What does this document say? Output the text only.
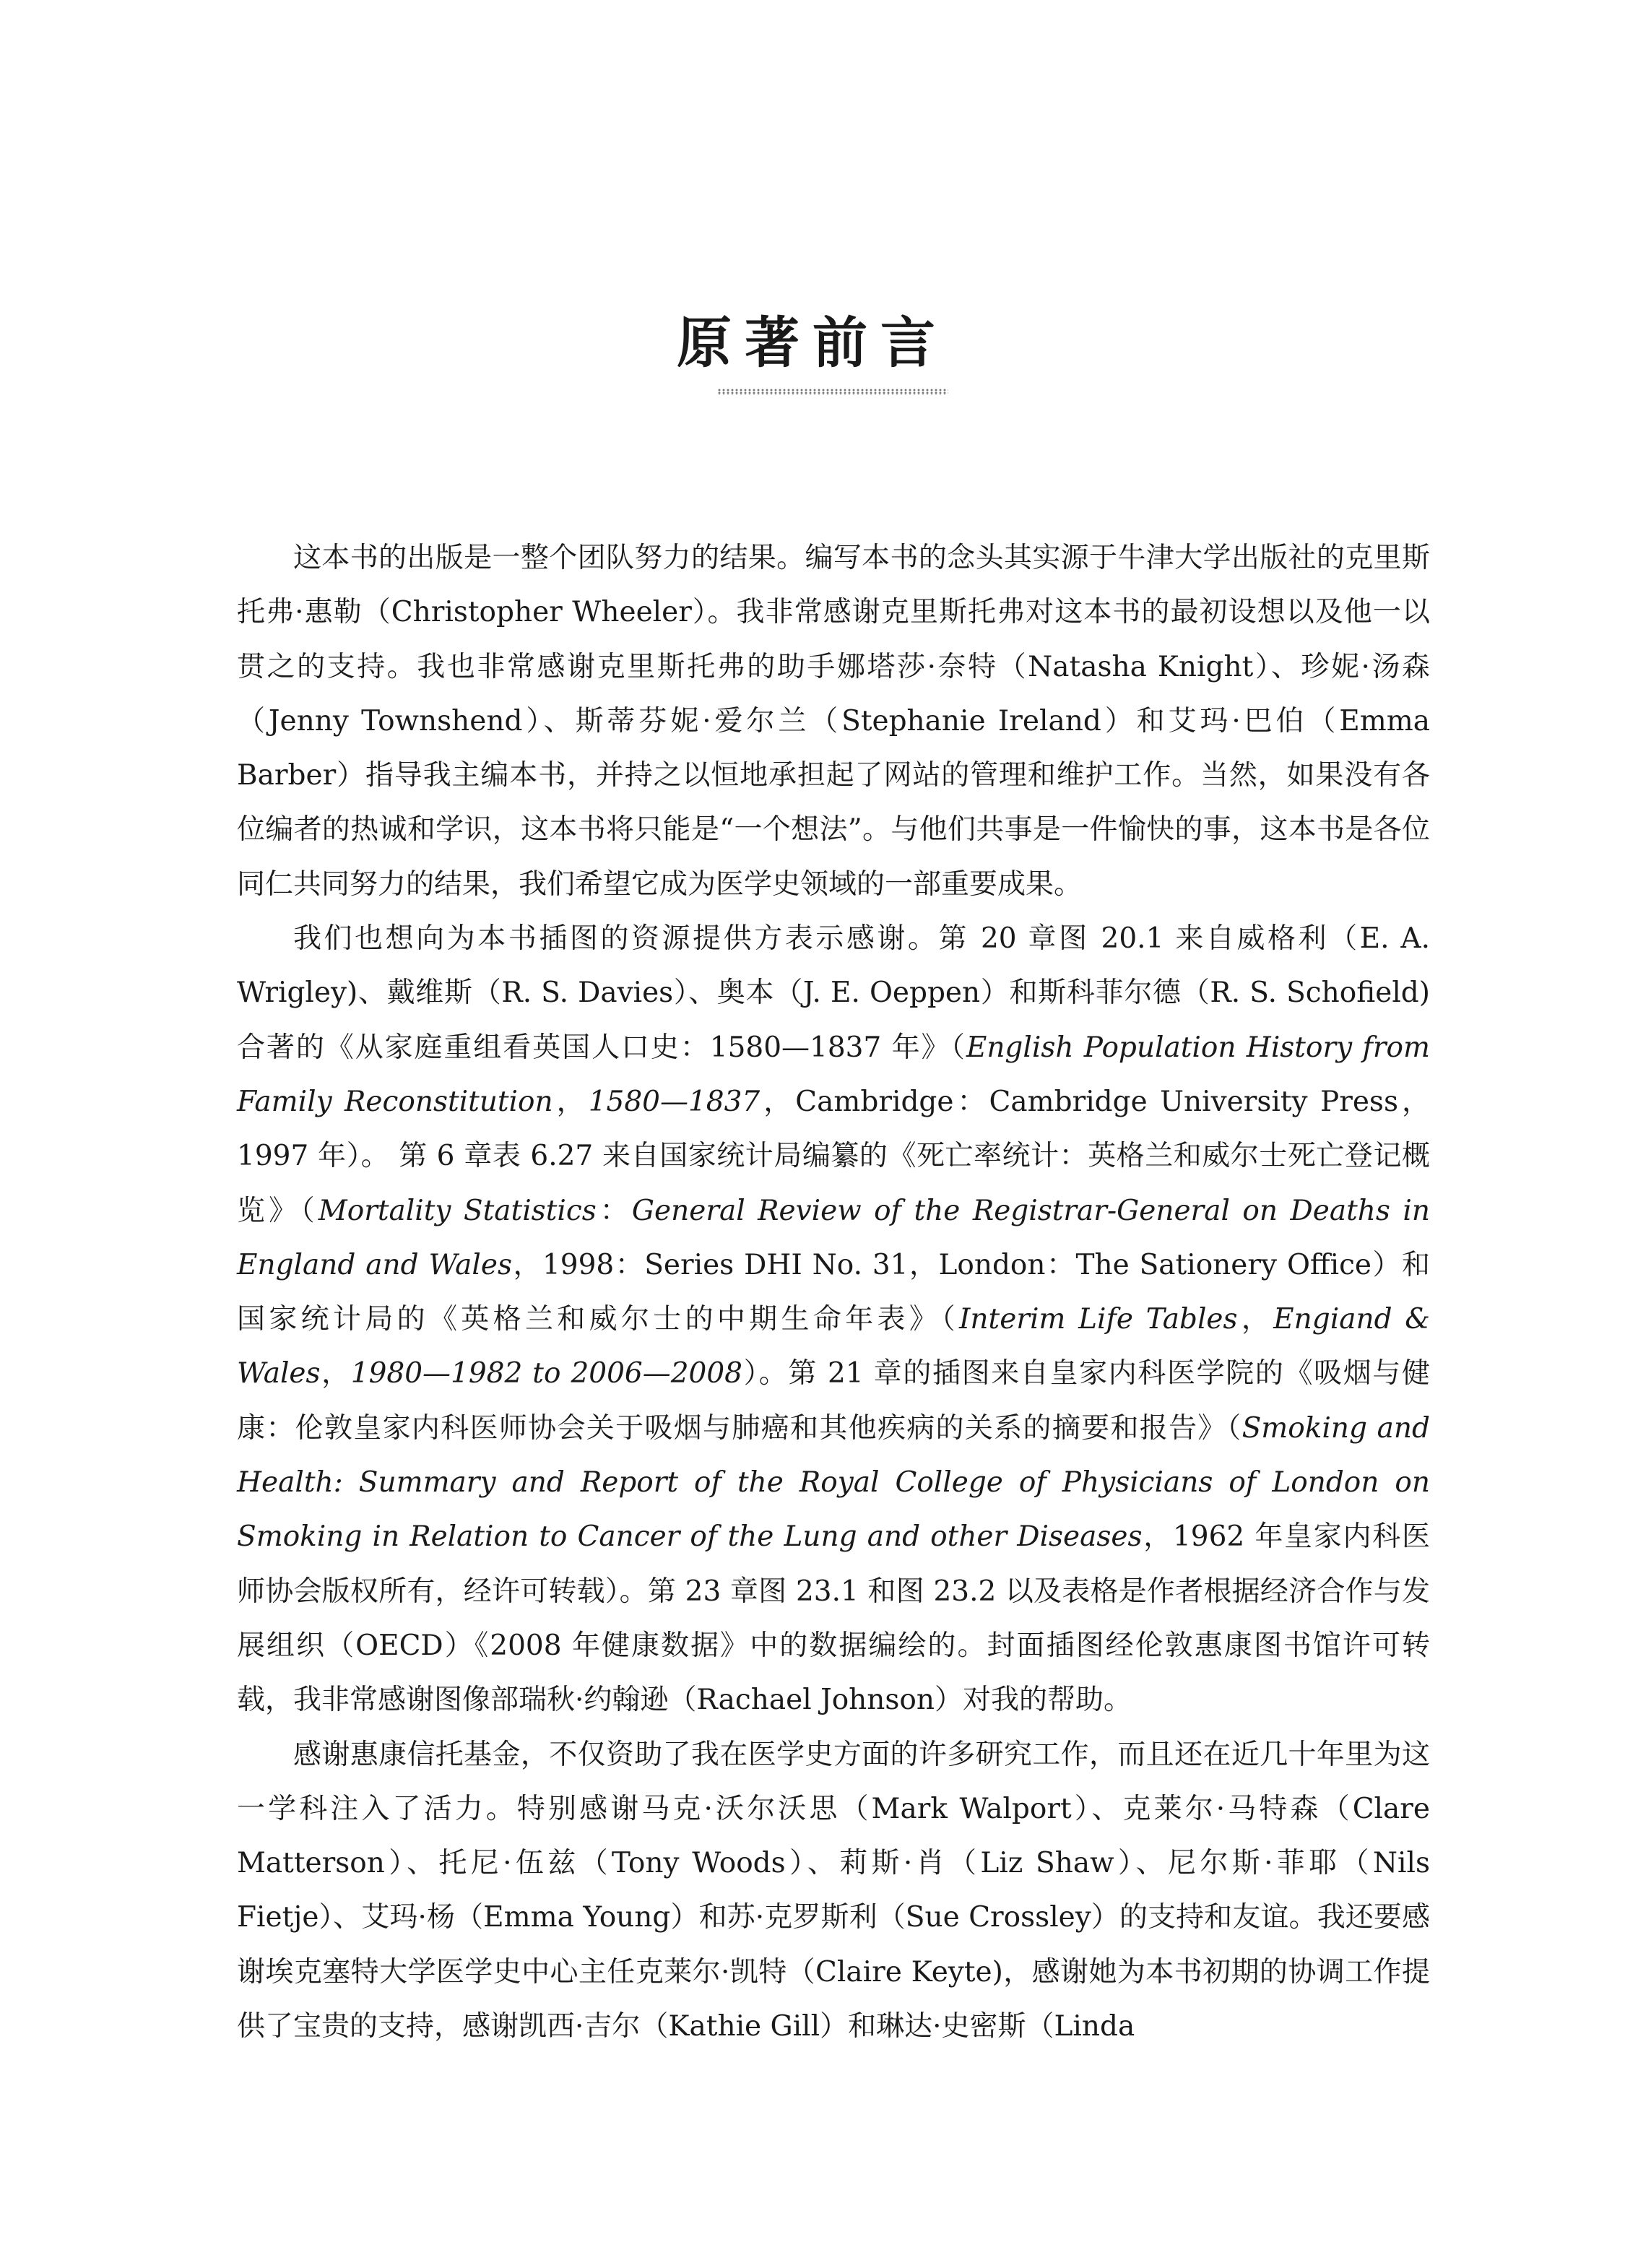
原著前言

这本书的出版是一整个团队努力的结果。编写本书的念头其实源于牛津大学出版社的克里斯托弗·惠勒（Christopher Wheeler）。我非常感谢克里斯托弗对这本书的最初设想以及他一以贯之的支持。我也非常感谢克里斯托弗的助手娜塔莎·奈特（Natasha Knight）、珍妮·汤森（Jenny Townshend）、斯蒂芬妮·爱尔兰（Stephanie Ireland）和艾玛·巴伯（Emma Barber）指导我主编本书，并持之以恒地承担起了网站的管理和维护工作。当然，如果没有各位编者的热诚和学识，这本书将只能是“一个想法”。与他们共事是一件愉快的事，这本书是各位同仁共同努力的结果，我们希望它成为医学史领域的一部重要成果。

我们也想向为本书插图的资源提供方表示感谢。第 20 章图 20.1 来自威格利（E. A. Wrigley)、戴维斯（R. S. Davies）、奥本（J. E. Oeppen）和斯科菲尔德（R. S. Schofield) 合著的《从家庭重组看英国人口史：1580—1837 年》（English Population History from Family Reconstitution，1580—1837，Cambridge：Cambridge University Press，1997 年）。 第 6 章表 6.27 来自国家统计局编纂的《死亡率统计：英格兰和威尔士死亡登记概览》（Mortality Statistics：General Review of the Registrar-General on Deaths in England and Wales，1998：Series DHI No. 31，London：The Sationery Office）和国家统计局的《英格兰和威尔士的中期生命年表》（Interim Life Tables，Engiand & Wales，1980—1982 to 2006—2008）。第 21 章的插图来自皇家内科医学院的《吸烟与健康：伦敦皇家内科医师协会关于吸烟与肺癌和其他疾病的关系的摘要和报告》（Smoking and Health: Summary and Report of the Royal College of Physicians of London on Smoking in Relation to Cancer of the Lung and other Diseases，1962 年皇家内科医师协会版权所有，经许可转载）。第 23 章图 23.1 和图 23.2 以及表格是作者根据经济合作与发展组织（OECD）《2008 年健康数据》中的数据编绘的。封面插图经伦敦惠康图书馆许可转载，我非常感谢图像部瑞秋·约翰逊（Rachael Johnson）对我的帮助。

感谢惠康信托基金，不仅资助了我在医学史方面的许多研究工作，而且还在近几十年里为这一学科注入了活力。特别感谢马克·沃尔沃思（Mark Walport）、克莱尔·马特森（Clare Matterson）、托尼·伍兹（Tony Woods）、莉斯·肖（Liz Shaw）、尼尔斯·菲耶（Nils Fietje）、艾玛·杨（Emma Young）和苏·克罗斯利（Sue Crossley）的支持和友谊。我还要感谢埃克塞特大学医学史中心主任克莱尔·凯特（Claire Keyte)，感谢她为本书初期的协调工作提供了宝贵的支持，感谢凯西·吉尔（Kathie Gill）和琳达·史密斯（Linda
